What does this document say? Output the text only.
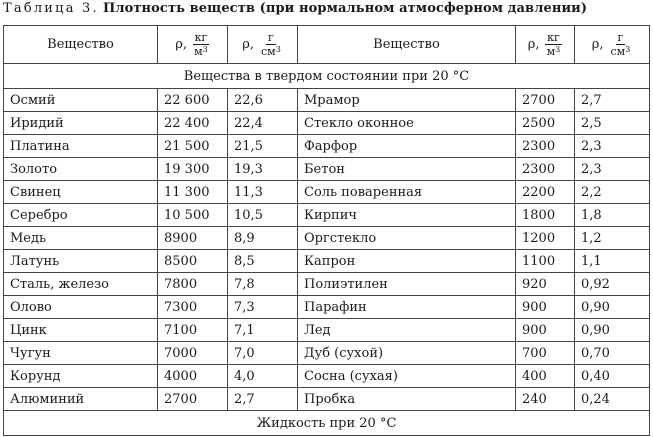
Таблица 3. Плотность веществ (при нормальном атмосферном давлении)
Вещество	ρ, $\frac{кг}{м^3}$	ρ, $\frac{г}{см^3}$	Вещество	ρ, $\frac{кг}{м^3}$	ρ, $\frac{г}{см^3}$

Вещества в твердом состоянии при 20 °С					
Осмий	22 600	22,6	Мрамор	2700	2,7
Иридий	22 400	22,4	Стекло оконное	2500	2,5
Платина	21 500	21,5	Фарфор	2300	2,3
Золото	19 300	19,3	Бетон	2300	2,3
Свинец	11 300	11,3	Соль поваренная	2200	2,2
Серебро	10 500	10,5	Кирпич	1800	1,8
Медь	8900	8,9	Оргстекло	1200	1,2
Латунь	8500	8,5	Капрон	1100	1,1
Сталь, железо	7800	7,8	Полиэтилен	920	0,92
Олово	7300	7,3	Парафин	900	0,90
Цинк	7100	7,1	Лед	900	0,90
Чугун	7000	7,0	Дуб (сухой)	700	0,70
Корунд	4000	4,0	Сосна (сухая)	400	0,40
Алюминий	2700	2,7	Пробка	240	0,24
Жидкость при 20 °С					
